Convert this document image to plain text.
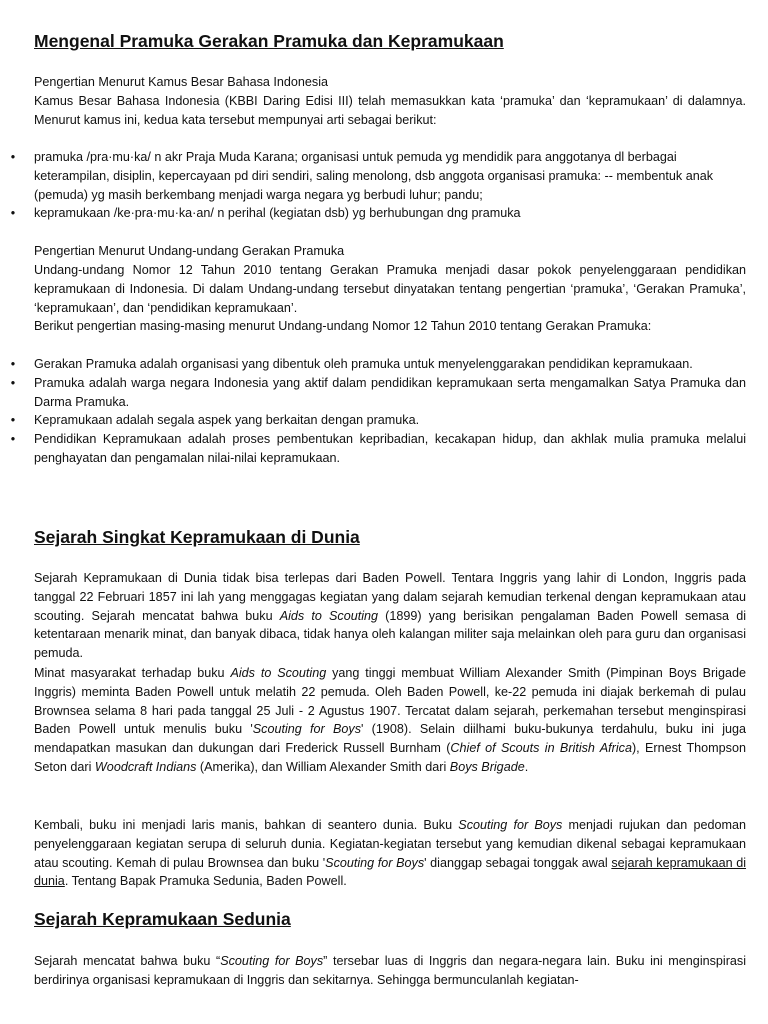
Mengenal Pramuka Gerakan Pramuka dan Kepramukaan

Pengertian Menurut Kamus Besar Bahasa Indonesia

Kamus Besar Bahasa Indonesia (KBBI Daring Edisi III) telah memasukkan kata ‘pramuka’ dan ‘kepramukaan’ di dalamnya. Menurut kamus ini, kedua kata tersebut mempunyai arti sebagai berikut:

• pramuka /pra·mu·ka/ n akr Praja Muda Karana; organisasi untuk pemuda yg mendidik para anggotanya dl berbagai keterampilan, disiplin, kepercayaan pd diri sendiri, saling menolong, dsb anggota organisasi pramuka: -- membentuk anak (pemuda) yg masih berkembang menjadi warga negara yg berbudi luhur; pandu;
• kepramukaan /ke·pra·mu·ka·an/ n perihal (kegiatan dsb) yg berhubungan dng pramuka

Pengertian Menurut Undang-undang Gerakan Pramuka

Undang-undang Nomor 12 Tahun 2010 tentang Gerakan Pramuka menjadi dasar pokok penyelenggaraan pendidikan kepramukaan di Indonesia. Di dalam Undang-undang tersebut dinyatakan tentang pengertian ‘pramuka’, ‘Gerakan Pramuka’, ‘kepramukaan’, dan ‘pendidikan kepramukaan’.

Berikut pengertian masing-masing menurut Undang-undang Nomor 12 Tahun 2010 tentang Gerakan Pramuka:

• Gerakan Pramuka adalah organisasi yang dibentuk oleh pramuka untuk menyelenggarakan pendidikan kepramukaan.
• Pramuka adalah warga negara Indonesia yang aktif dalam pendidikan kepramukaan serta mengamalkan Satya Pramuka dan Darma Pramuka.
• Kepramukaan adalah segala aspek yang berkaitan dengan pramuka.
• Pendidikan Kepramukaan adalah proses pembentukan kepribadian, kecakapan hidup, dan akhlak mulia pramuka melalui penghayatan dan pengamalan nilai-nilai kepramukaan.
Sejarah Singkat Kepramukaan di Dunia

Sejarah Kepramukaan di Dunia tidak bisa terlepas dari Baden Powell. Tentara Inggris yang lahir di London, Inggris pada tanggal 22 Februari 1857 ini lah yang menggagas kegiatan yang dalam sejarah kemudian terkenal dengan kepramukaan atau scouting. Sejarah mencatat bahwa buku Aids to Scouting (1899) yang berisikan pengalaman Baden Powell semasa di ketentaraan menarik minat, dan banyak dibaca, tidak hanya oleh kalangan militer saja melainkan oleh para guru dan organisasi pemuda.

Minat masyarakat terhadap buku Aids to Scouting yang tinggi membuat William Alexander Smith (Pimpinan Boys Brigade Inggris) meminta Baden Powell untuk melatih 22 pemuda. Oleh Baden Powell, ke-22 pemuda ini diajak berkemah di pulau Brownsea selama 8 hari pada tanggal 25 Juli - 2 Agustus 1907. Tercatat dalam sejarah, perkemahan tersebut menginspirasi Baden Powell untuk menulis buku 'Scouting for Boys' (1908). Selain diilhami buku-bukunya terdahulu, buku ini juga mendapatkan masukan dan dukungan dari Frederick Russell Burnham (Chief of Scouts in British Africa), Ernest Thompson Seton dari Woodcraft Indians (Amerika), dan William Alexander Smith dari Boys Brigade.

Kembali, buku ini menjadi laris manis, bahkan di seantero dunia. Buku Scouting for Boys menjadi rujukan dan pedoman penyelenggaraan kegiatan serupa di seluruh dunia. Kegiatan-kegiatan tersebut yang kemudian dikenal sebagai kepramukaan atau scouting. Kemah di pulau Brownsea dan buku 'Scouting for Boys' dianggap sebagai tonggak awal sejarah kepramukaan di dunia. Tentang Bapak Pramuka Sedunia, Baden Powell.

Sejarah Kepramukaan Sedunia

Sejarah mencatat bahwa buku “Scouting for Boys” tersebar luas di Inggris dan negara-negara lain. Buku ini menginspirasi berdirinya organisasi kepramukaan di Inggris dan sekitarnya. Sehingga bermunculanlah kegiatan-
